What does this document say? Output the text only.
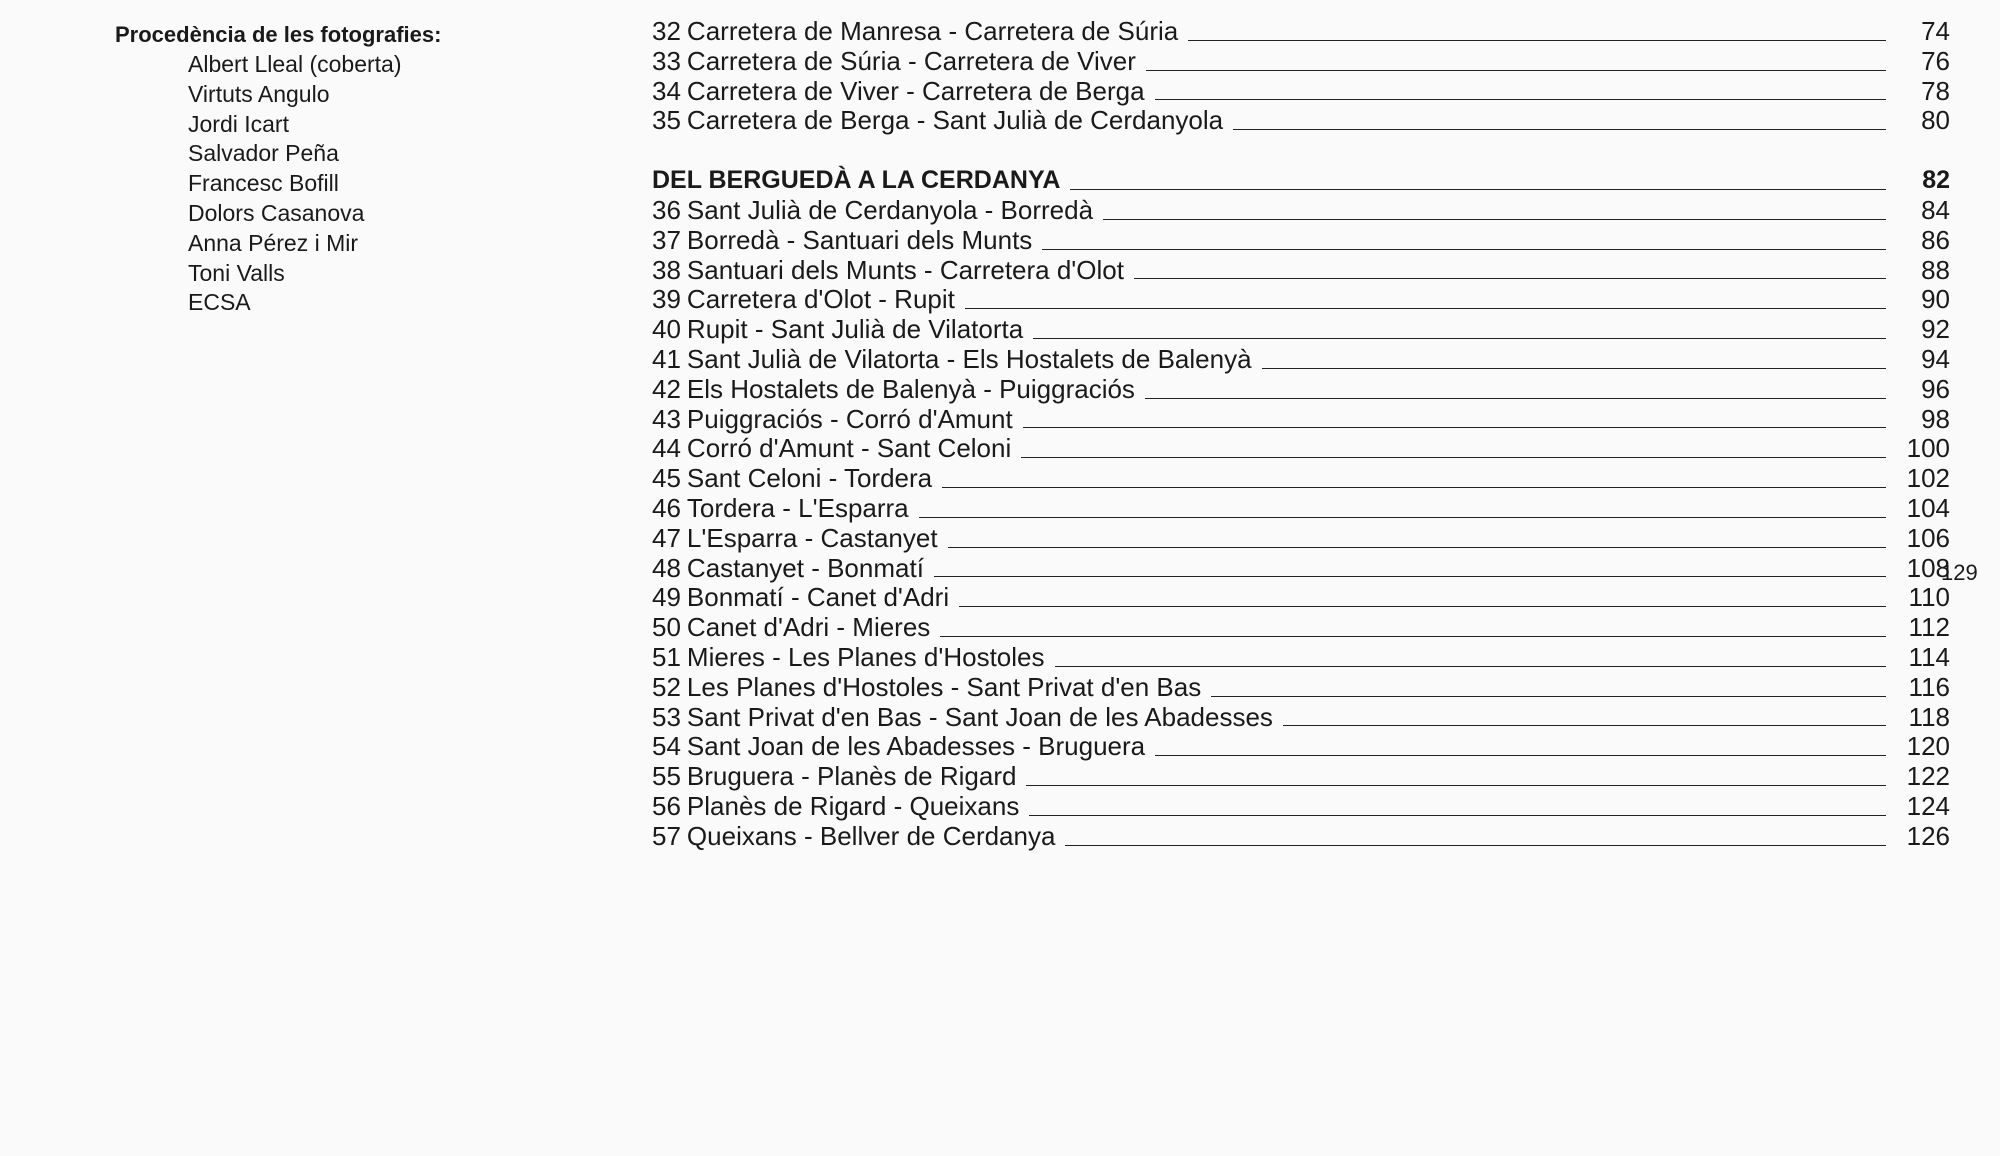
Procedència de les fotografies:

Albert Lleal (coberta)
Virtuts Angulo
Jordi Icart
Salvador Peña
Francesc Bofill
Dolors Casanova
Anna Pérez i Mir
Toni Valls
ECSA
32 Carretera de Manresa - Carretera de Súria	74
33 Carretera de Súria - Carretera de Viver	76
34 Carretera de Viver - Carretera de Berga	78
35 Carretera de Berga - Sant Julià de Cerdanyola	80
DEL BERGUEDÀ A LA CERDANYA	82
36 Sant Julià de Cerdanyola - Borredà	84
37 Borredà - Santuari dels Munts	86
38 Santuari dels Munts - Carretera d'Olot	88
39 Carretera d'Olot - Rupit	90
40 Rupit - Sant Julià de Vilatorta	92
41 Sant Julià de Vilatorta - Els Hostalets de Balenyà	94
42 Els Hostalets de Balenyà - Puiggraciós	96
43 Puiggraciós - Corró d'Amunt	98
44 Corró d'Amunt - Sant Celoni	100
45 Sant Celoni - Tordera	102
46 Tordera - L'Esparra	104
47 L'Esparra - Castanyet	106
48 Castanyet - Bonmatí	108
49 Bonmatí - Canet d'Adri	110
50 Canet d'Adri - Mieres	112
51 Mieres - Les Planes d'Hostoles	114
52 Les Planes d'Hostoles - Sant Privat d'en Bas	116
53 Sant Privat d'en Bas - Sant Joan de les Abadesses	118
54 Sant Joan de les Abadesses - Bruguera	120
55 Bruguera - Planès de Rigard	122
56 Planès de Rigard - Queixans	124
57 Queixans - Bellver de Cerdanya	126
129
